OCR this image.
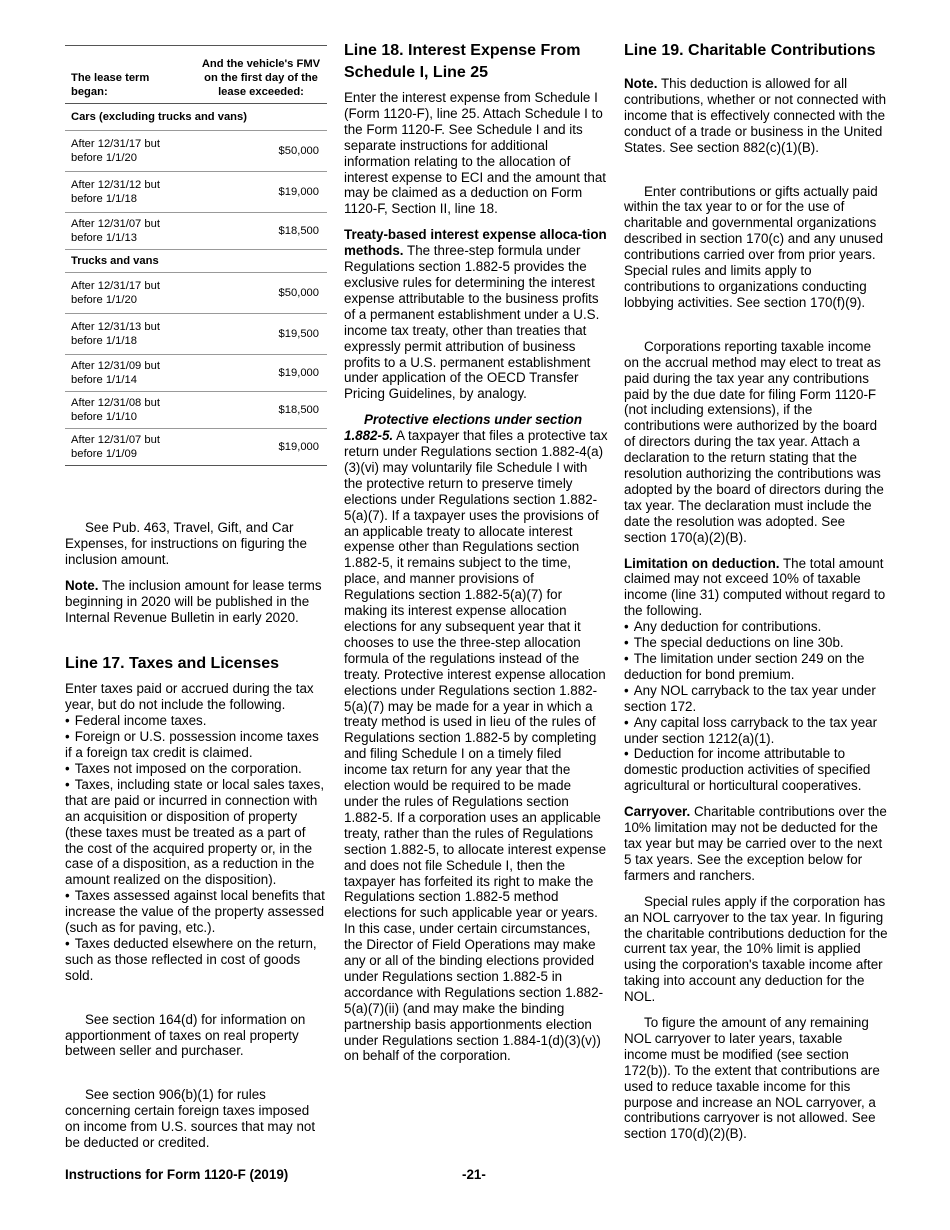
The lease term began:	And the vehicle's FMV on the first day of the lease exceeded:
Cars (excluding trucks and vans)	
After 12/31/17 but before 1/1/20	$50,000
After 12/31/12 but before 1/1/18	$19,000
After 12/31/07 but before 1/1/13	$18,500
Trucks and vans	
After 12/31/17 but before 1/1/20	$50,000
After 12/31/13 but before 1/1/18	$19,500
After 12/31/09 but before 1/1/14	$19,000
After 12/31/08 but before 1/1/10	$18,500
After 12/31/07 but before 1/1/09	$19,000

See Pub. 463, Travel, Gift, and Car Expenses, for instructions on figuring the inclusion amount.

Note. The inclusion amount for lease terms beginning in 2020 will be published in the Internal Revenue Bulletin in early 2020.

Line 17. Taxes and Licenses

Enter taxes paid or accrued during the tax year, but do not include the following.

• Federal income taxes.
• Foreign or U.S. possession income taxes if a foreign tax credit is claimed.
• Taxes not imposed on the corporation.
• Taxes, including state or local sales taxes, that are paid or incurred in connection with an acquisition or disposition of property (these taxes must be treated as a part of the cost of the acquired property or, in the case of a disposition, as a reduction in the amount realized on the disposition).
• Taxes assessed against local benefits that increase the value of the property assessed (such as for paving, etc.).
• Taxes deducted elsewhere on the return, such as those reflected in cost of goods sold.

See section 164(d) for information on apportionment of taxes on real property between seller and purchaser.

See section 906(b)(1) for rules concerning certain foreign taxes imposed on income from U.S. sources that may not be deducted or credited.

Line 18. Interest Expense From Schedule I, Line 25

Enter the interest expense from Schedule I (Form 1120-F), line 25. Attach Schedule I to the Form 1120-F. See Schedule I and its separate instructions for additional information relating to the allocation of interest expense to ECI and the amount that may be claimed as a deduction on Form 1120-F, Section II, line 18.

Treaty-based interest expense alloca-tion methods. The three-step formula under Regulations section 1.882-5 provides the exclusive rules for determining the interest expense attributable to the business profits of a permanent establishment under a U.S. income tax treaty, other than treaties that expressly permit attribution of business profits to a U.S. permanent establishment under application of the OECD Transfer Pricing Guidelines, by analogy.

Protective elections under section 1.882-5. A taxpayer that files a protective tax return under Regulations section 1.882-4(a)(3)(vi) may voluntarily file Schedule I with the protective return to preserve timely elections under Regulations section 1.882-5(a)(7). If a taxpayer uses the provisions of an applicable treaty to allocate interest expense other than Regulations section 1.882-5, it remains subject to the time, place, and manner provisions of Regulations section 1.882-5(a)(7) for making its interest expense allocation elections for any subsequent year that it chooses to use the three-step allocation formula of the regulations instead of the treaty. Protective interest expense allocation elections under Regulations section 1.882-5(a)(7) may be made for a year in which a treaty method is used in lieu of the rules of Regulations section 1.882-5 by completing and filing Schedule I on a timely filed income tax return for any year that the election would be required to be made under the rules of Regulations section 1.882-5. If a corporation uses an applicable treaty, rather than the rules of Regulations section 1.882-5, to allocate interest expense and does not file Schedule I, then the taxpayer has forfeited its right to make the Regulations section 1.882-5 method elections for such applicable year or years. In this case, under certain circumstances, the Director of Field Operations may make any or all of the binding elections provided under Regulations section 1.882-5 in accordance with Regulations section 1.882-5(a)(7)(ii) (and may make the binding partnership basis apportionments election under Regulations section 1.884-1(d)(3)(v)) on behalf of the corporation.

Line 19. Charitable Contributions

Note. This deduction is allowed for all contributions, whether or not connected with income that is effectively connected with the conduct of a trade or business in the United States. See section 882(c)(1)(B).

Enter contributions or gifts actually paid within the tax year to or for the use of charitable and governmental organizations described in section 170(c) and any unused contributions carried over from prior years. Special rules and limits apply to contributions to organizations conducting lobbying activities. See section 170(f)(9).

Corporations reporting taxable income on the accrual method may elect to treat as paid during the tax year any contributions paid by the due date for filing Form 1120-F (not including extensions), if the contributions were authorized by the board of directors during the tax year. Attach a declaration to the return stating that the resolution authorizing the contributions was adopted by the board of directors during the tax year. The declaration must include the date the resolution was adopted. See section 170(a)(2)(B).

Limitation on deduction. The total amount claimed may not exceed 10% of taxable income (line 31) computed without regard to the following.

• Any deduction for contributions.
• The special deductions on line 30b.
• The limitation under section 249 on the deduction for bond premium.
• Any NOL carryback to the tax year under section 172.
• Any capital loss carryback to the tax year under section 1212(a)(1).
• Deduction for income attributable to domestic production activities of specified agricultural or horticultural cooperatives.

Carryover. Charitable contributions over the 10% limitation may not be deducted for the tax year but may be carried over to the next 5 tax years. See the exception below for farmers and ranchers.

Special rules apply if the corporation has an NOL carryover to the tax year. In figuring the charitable contributions deduction for the current tax year, the 10% limit is applied using the corporation's taxable income after taking into account any deduction for the NOL.

To figure the amount of any remaining NOL carryover to later years, taxable income must be modified (see section 172(b)). To the extent that contributions are used to reduce taxable income for this purpose and increase an NOL carryover, a contributions carryover is not allowed. See section 170(d)(2)(B).

Instructions for Form 1120-F (2019)	-21-
